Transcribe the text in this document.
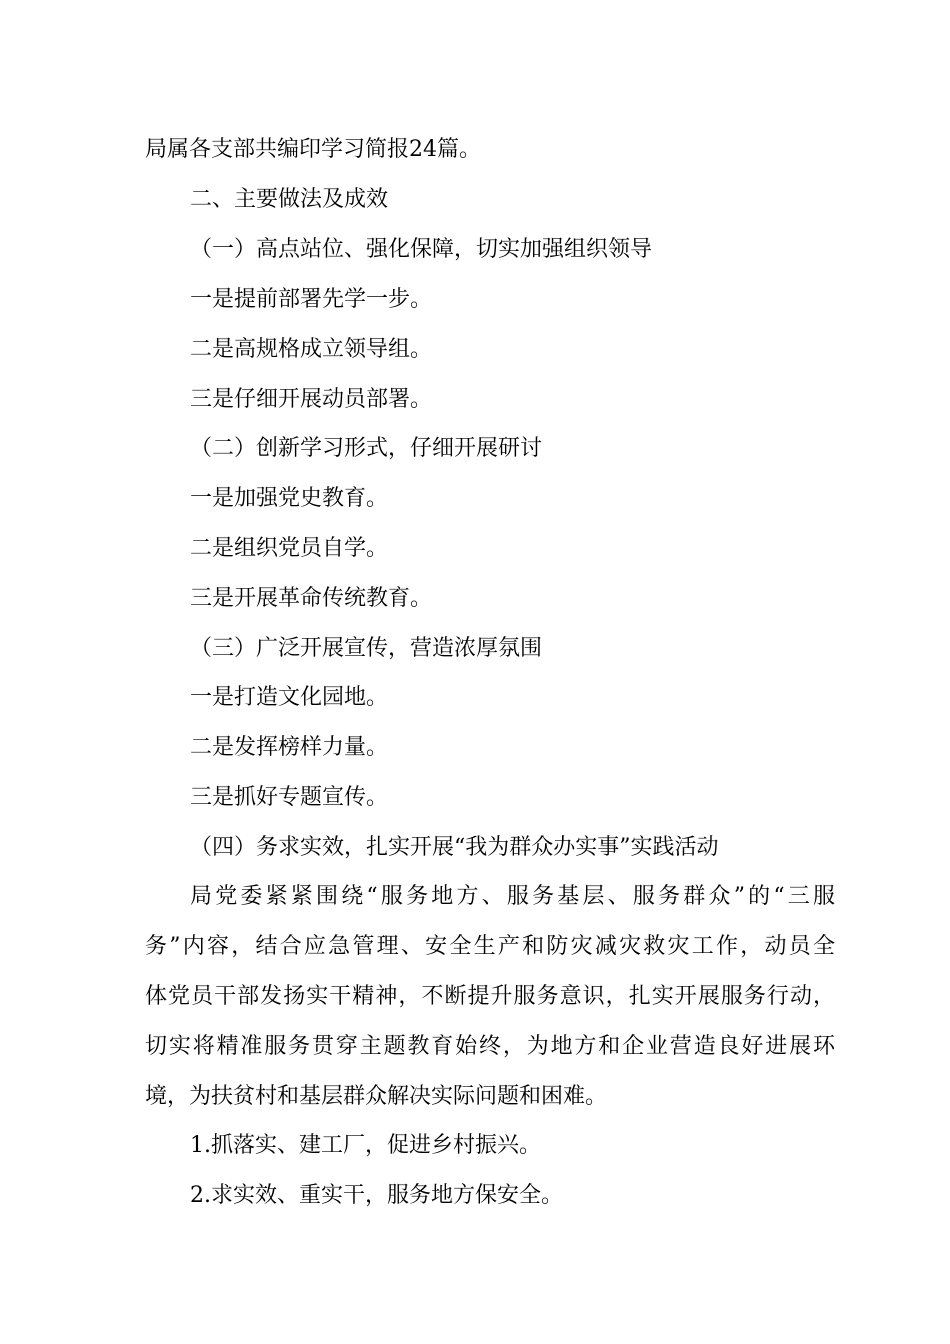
局属各支部共编印学习简报24篇。
二、主要做法及成效
（一）高点站位、强化保障，切实加强组织领导
一是提前部署先学一步。
二是高规格成立领导组。
三是仔细开展动员部署。
（二）创新学习形式，仔细开展研讨
一是加强党史教育。
二是组织党员自学。
三是开展革命传统教育。
（三）广泛开展宣传，营造浓厚氛围
一是打造文化园地。
二是发挥榜样力量。
三是抓好专题宣传。
（四）务求实效，扎实开展“我为群众办实事”实践活动
局党委紧紧围绕“服务地方、服务基层、服务群众”的“三服
务”内容，结合应急管理、安全生产和防灾减灾救灾工作，动员全
体党员干部发扬实干精神，不断提升服务意识，扎实开展服务行动，
切实将精准服务贯穿主题教育始终，为地方和企业营造良好进展环
境，为扶贫村和基层群众解决实际问题和困难。
1.抓落实、建工厂，促进乡村振兴。
2.求实效、重实干，服务地方保安全。
